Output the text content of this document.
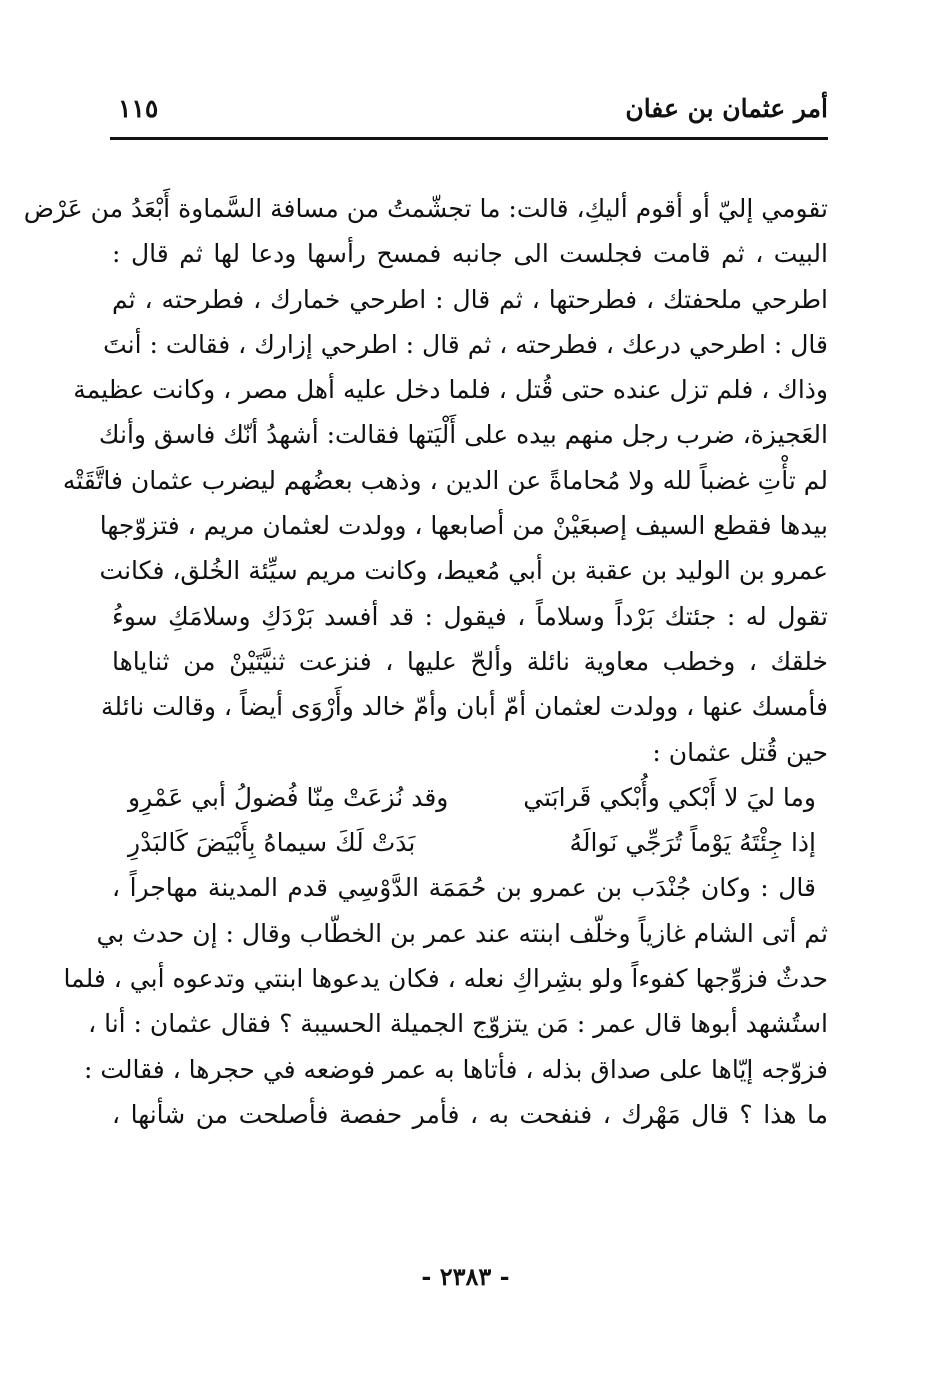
أمر عثمان بن عفان
١١٥
تقومي إليّ أو أقوم أليكِ، قالت: ما تجشّمتُ من مسافة السَّماوة أَبْعَدُ من عَرْض
البيت ، ثم قامت فجلست الى جانبه فمسح رأسها ودعا لها ثم قال :
اطرحي ملحفتك ، فطرحتها ، ثم قال : اطرحي خمارك ، فطرحته ، ثم
قال : اطرحي درعك ، فطرحته ، ثم قال : اطرحي إزارك ، فقالت : أنتَ
وذاك ، فلم تزل عنده حتى قُتل ، فلما دخل عليه أهل مصر ، وكانت عظيمة
العَجيزة، ضرب رجل منهم بيده على أَلْيَتها فقالت: أشهدُ أنّك فاسق وأنك
لم تأْتِ غضباً لله ولا مُحاماةً عن الدين ، وذهب بعضُهم ليضرب عثمان فاتَّقَتْه
بيدها فقطع السيف إصبعَيْنْ من أصابعها ، وولدت لعثمان مريم ، فتزوّجها
عمرو بن الوليد بن عقبة بن أبي مُعيط، وكانت مريم سيِّئة الخُلق، فكانت
تقول له : جئتك بَرْداً وسلاماً ، فيقول : قد أفسد بَرْدَكِ وسلامَكِ سوءُ
خلقك ، وخطب معاوية نائلة وألحّ عليها ، فنزعت ثنيَّتَيْنْ من ثناياها
فأمسك عنها ، وولدت لعثمان أمّ أبان وأمّ خالد وأَرْوَى أيضاً ، وقالت نائلة
حين قُتل عثمان :
وما ليَ لا أَبْكي وأُبْكي قَرابَتي
وقد نُزعَتْ مِنّا فُضولُ أبي عَمْرِو
إذا جِئْتَهُ يَوْماً تُرَجِّي نَوالَهُ
بَدَتْ لَكَ سيماهُ بِأَبْيَضَ كَالبَدْرِ
قال : وكان جُنْدَب بن عمرو بن حُمَمَة الدَّوْسِي قدم المدينة مهاجراً ،
ثم أتى الشام غازياً وخلّف ابنته عند عمر بن الخطّاب وقال : إن حدث بي
حدثٌ فزوِّجها كفوءاً ولو بشِراكِ نعله ، فكان يدعوها ابنتي وتدعوه أبي ، فلما
استُشهد أبوها قال عمر : مَن يتزوّج الجميلة الحسيبة ؟ فقال عثمان : أنا ،
فزوّجه إيّاها على صداق بذله ، فأتاها به عمر فوضعه في حجرها ، فقالت :
ما هذا ؟ قال مَهْرك ، فنفحت به ، فأمر حفصة فأصلحت من شأنها ،
- ٢٣٨٣ -
